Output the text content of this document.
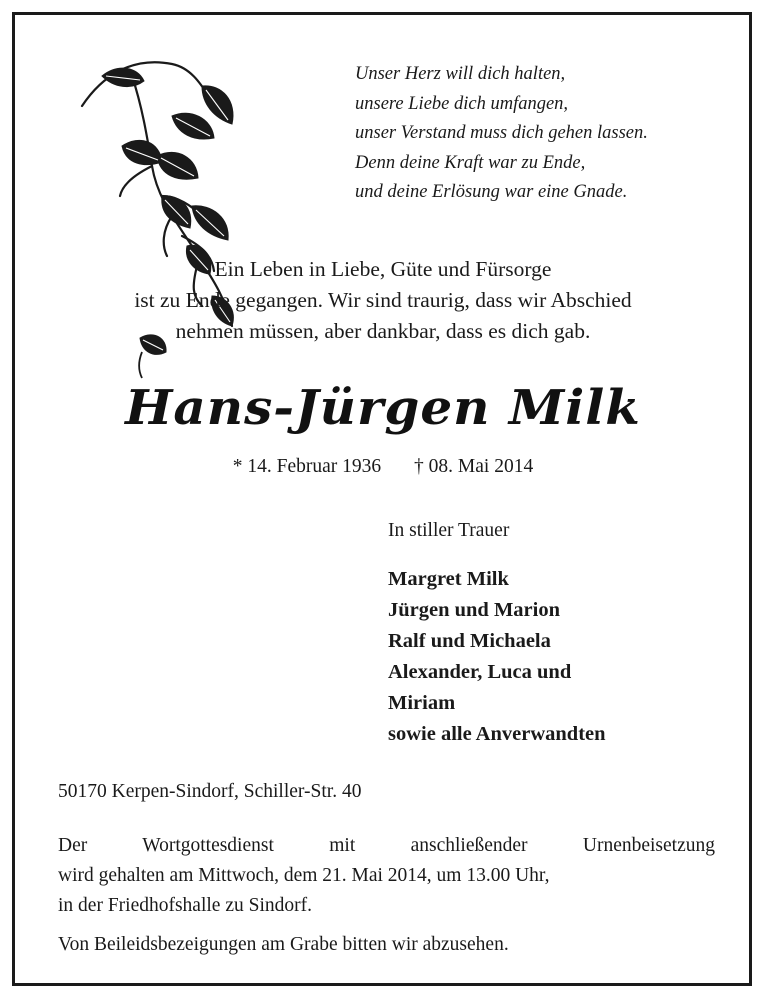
Unser Herz will dich halten,
unsere Liebe dich umfangen,
unser Verstand muss dich gehen lassen.
Denn deine Kraft war zu Ende,
und deine Erlösung war eine Gnade.
Ein Leben in Liebe, Güte und Fürsorge
ist zu Ende gegangen. Wir sind traurig, dass wir Abschied
nehmen müssen, aber dankbar, dass es dich gab.
Hans-Jürgen Milk
* 14. Februar 1936 † 08. Mai 2014
In stiller Trauer
Margret Milk
Jürgen und Marion
Ralf und Michaela
Alexander, Luca und
Miriam
sowie alle Anverwandten
50170 Kerpen-Sindorf, Schiller-Str. 40
Der Wortgottesdienst mit anschließender Urnenbeisetzung
wird gehalten am Mittwoch, dem 21. Mai 2014, um 13.00 Uhr,
in der Friedhofshalle zu Sindorf.
Von Beileidsbezeigungen am Grabe bitten wir abzusehen.
